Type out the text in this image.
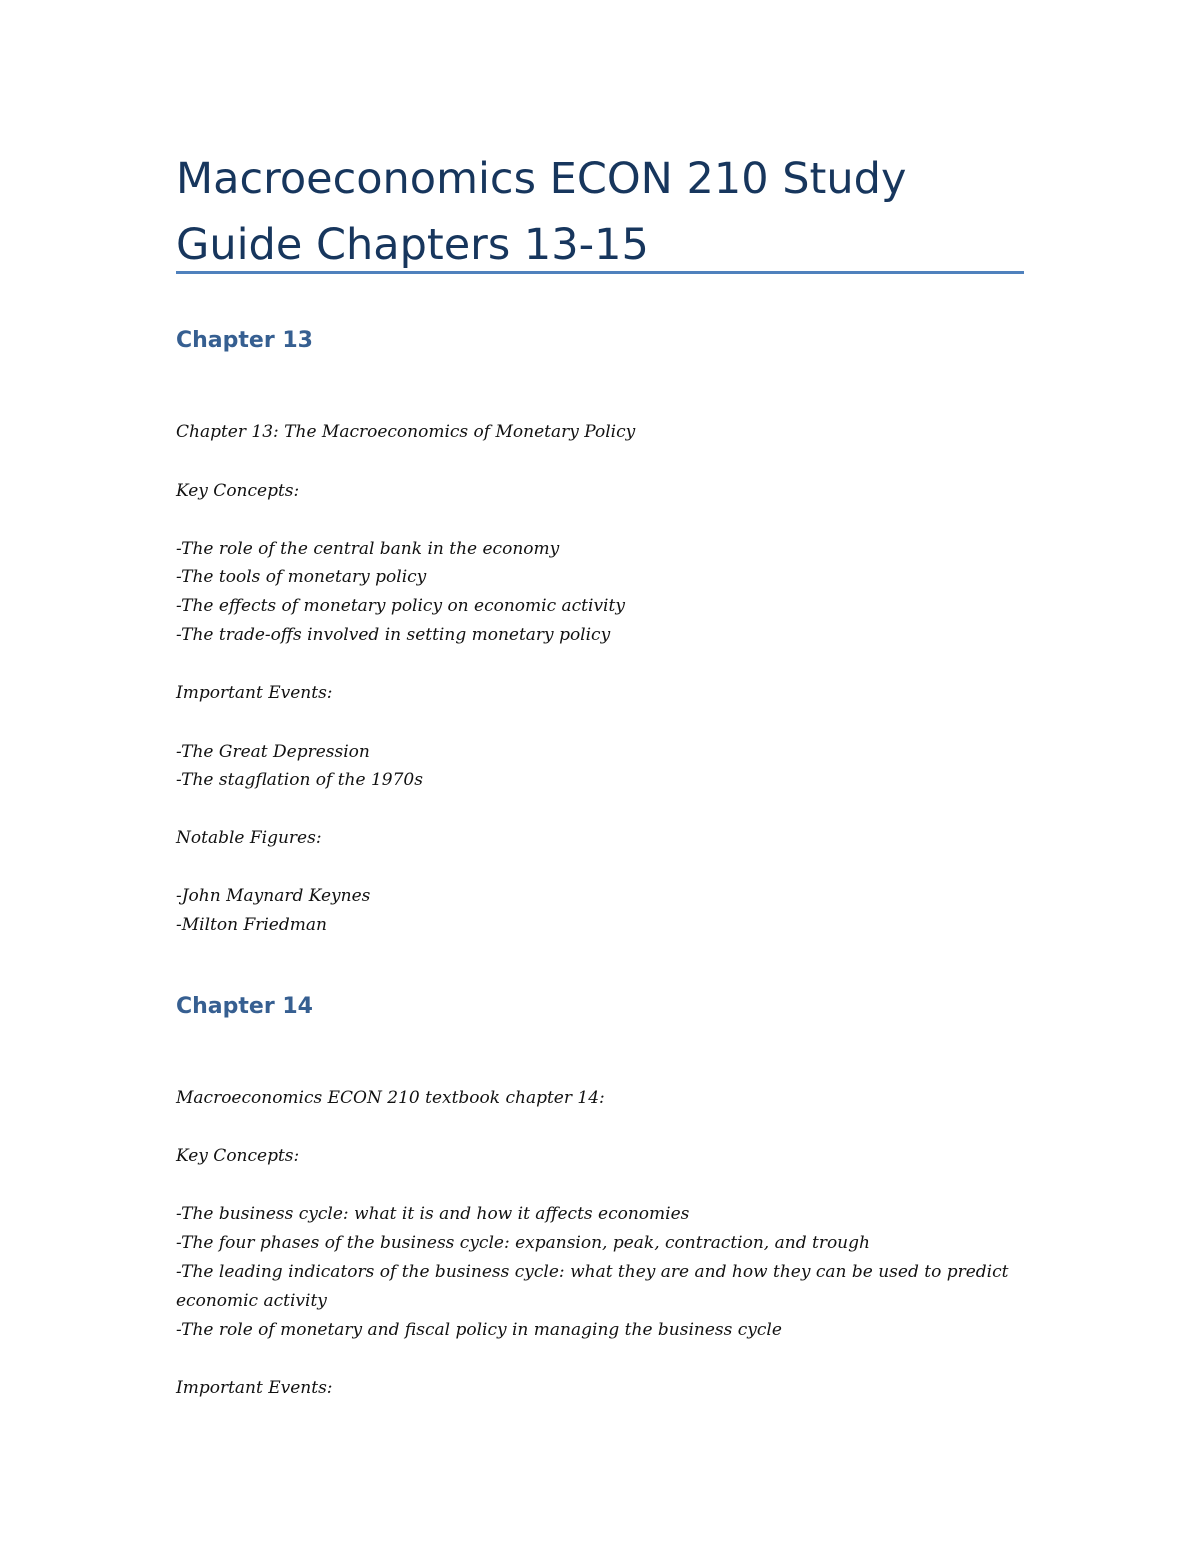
Macroeconomics ECON 210 Study
Guide Chapters 13-15
Chapter 13

Chapter 13: The Macroeconomics of Monetary Policy

Key Concepts:

-The role of the central bank in the economy

-The tools of monetary policy

-The effects of monetary policy on economic activity

-The trade-offs involved in setting monetary policy

Important Events:

-The Great Depression

-The stagflation of the 1970s

Notable Figures:

-John Maynard Keynes

-Milton Friedman

Chapter 14

Macroeconomics ECON 210 textbook chapter 14:

Key Concepts:

-The business cycle: what it is and how it affects economies

-The four phases of the business cycle: expansion, peak, contraction, and trough

-The leading indicators of the business cycle: what they are and how they can be used to predict

economic activity

-The role of monetary and fiscal policy in managing the business cycle

Important Events:
